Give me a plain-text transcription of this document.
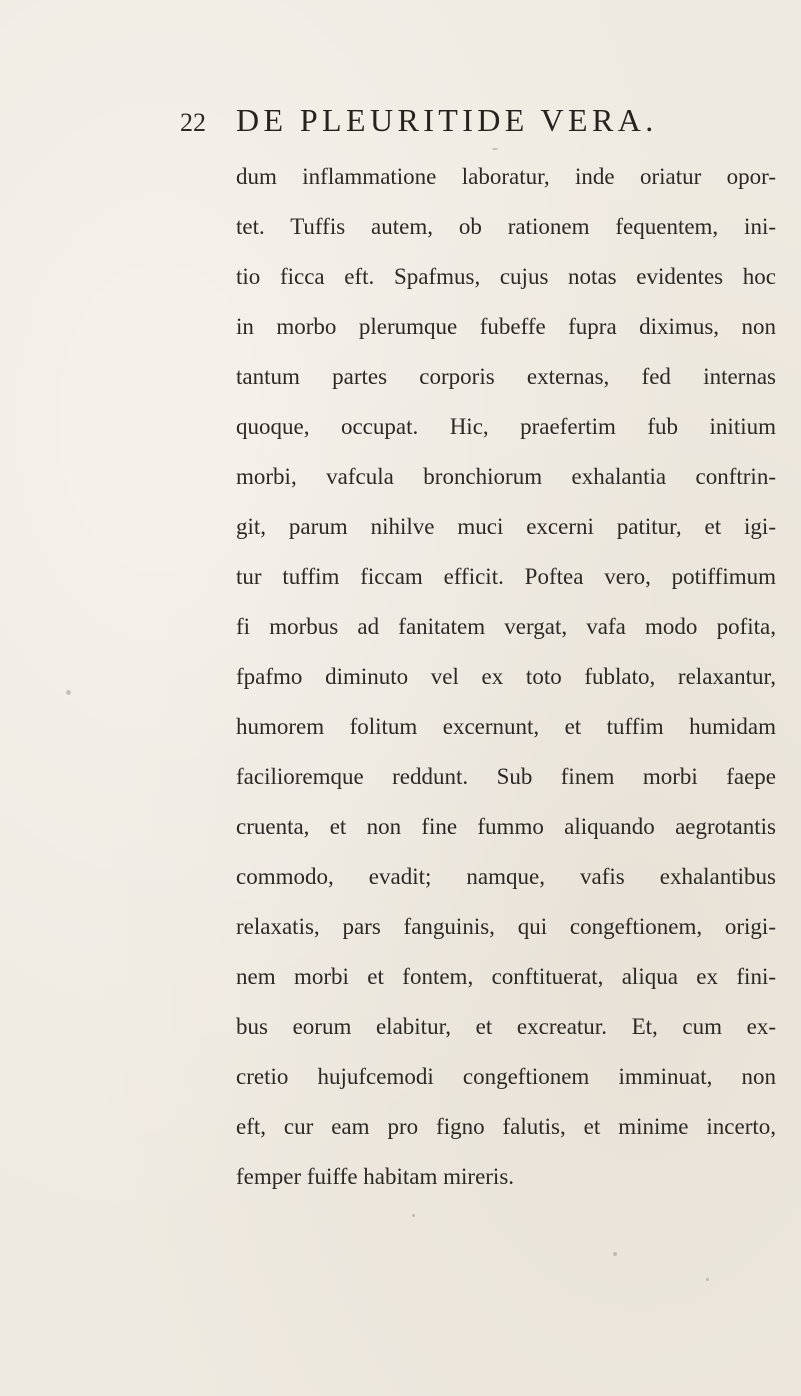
22 DE PLEURITIDE VERA.
dum inflammatione laboratur, inde oriatur opor-
tet. Tuffis autem, ob rationem fequentem, ini-
tio ficca eft. Spafmus, cujus notas evidentes hoc
in morbo plerumque fubeffe fupra diximus, non
tantum partes corporis externas, fed internas
quoque, occupat. Hic, praefertim fub initium
morbi, vafcula bronchiorum exhalantia conftrin-
git, parum nihilve muci excerni patitur, et igi-
tur tuffim ficcam efficit. Poftea vero, potiffimum
fi morbus ad fanitatem vergat, vafa modo pofita,
fpafmo diminuto vel ex toto fublato, relaxantur,
humorem folitum excernunt, et tuffim humidam
facilioremque reddunt. Sub finem morbi faepe
cruenta, et non fine fummo aliquando aegrotantis
commodo, evadit; namque, vafis exhalantibus
relaxatis, pars fanguinis, qui congeftionem, origi-
nem morbi et fontem, conftituerat, aliqua ex fini-
bus eorum elabitur, et excreatur. Et, cum ex-
cretio hujufcemodi congeftionem imminuat, non
eft, cur eam pro figno falutis, et minime incerto,
femper fuiffe habitam mireris.
